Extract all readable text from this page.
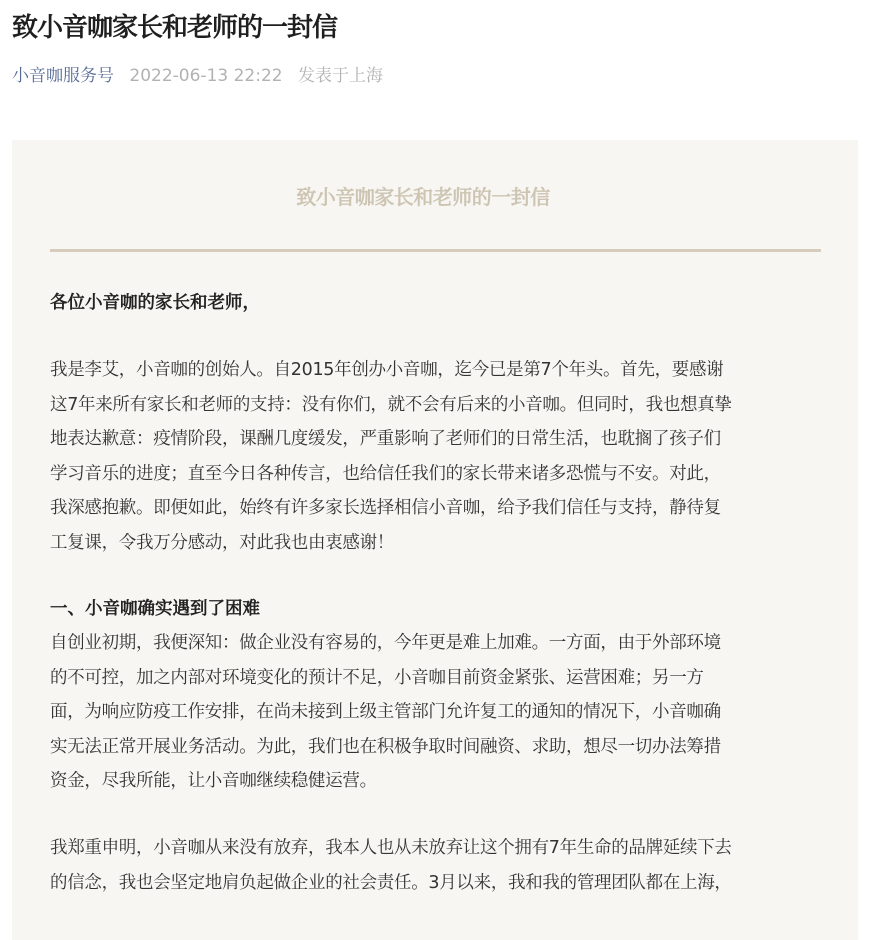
致小音咖家长和老师的一封信
小音咖服务号 2022-06-13 22:22 发表于上海
致小音咖家长和老师的一封信
各位小音咖的家长和老师，
我是李艾，小音咖的创始人。自2015年创办小音咖，迄今已是第7个年头。首先，要感谢
这7年来所有家长和老师的支持：没有你们，就不会有后来的小音咖。但同时，我也想真挚
地表达歉意：疫情阶段，课酬几度缓发，严重影响了老师们的日常生活，也耽搁了孩子们
学习音乐的进度；直至今日各种传言，也给信任我们的家长带来诸多恐慌与不安。对此，
我深感抱歉。即便如此，始终有许多家长选择相信小音咖，给予我们信任与支持，静待复
工复课，令我万分感动，对此我也由衷感谢！
一、小音咖确实遇到了困难
自创业初期，我便深知：做企业没有容易的，今年更是难上加难。一方面，由于外部环境
的不可控，加之内部对环境变化的预计不足，小音咖目前资金紧张、运营困难；另一方
面，为响应防疫工作安排，在尚未接到上级主管部门允许复工的通知的情况下，小音咖确
实无法正常开展业务活动。为此，我们也在积极争取时间融资、求助，想尽一切办法筹措
资金，尽我所能，让小音咖继续稳健运营。
我郑重申明，小音咖从来没有放弃，我本人也从未放弃让这个拥有7年生命的品牌延续下去
的信念，我也会坚定地肩负起做企业的社会责任。3月以来，我和我的管理团队都在上海，
